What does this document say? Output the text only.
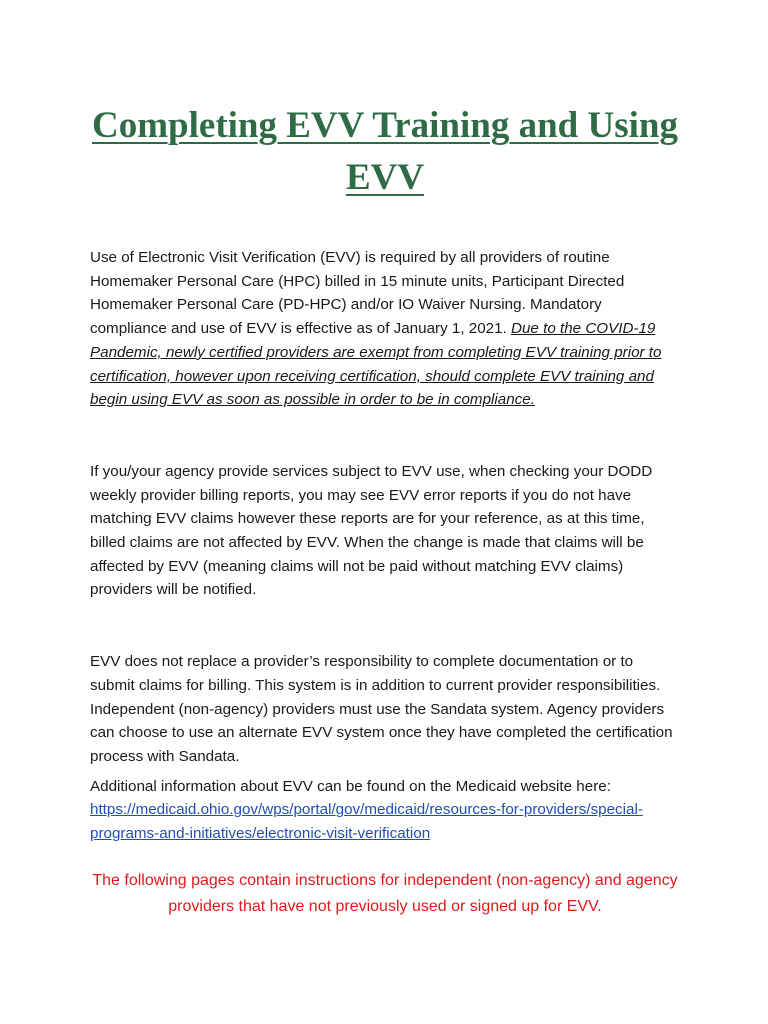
Completing EVV Training and Using EVV

Use of Electronic Visit Verification (EVV) is required by all providers of routine Homemaker Personal Care (HPC) billed in 15 minute units, Participant Directed Homemaker Personal Care (PD-HPC) and/or IO Waiver Nursing. Mandatory compliance and use of EVV is effective as of January 1, 2021. Due to the COVID-19 Pandemic, newly certified providers are exempt from completing EVV training prior to certification, however upon receiving certification, should complete EVV training and begin using EVV as soon as possible in order to be in compliance.

If you/your agency provide services subject to EVV use, when checking your DODD weekly provider billing reports, you may see EVV error reports if you do not have matching EVV claims however these reports are for your reference, as at this time, billed claims are not affected by EVV. When the change is made that claims will be affected by EVV (meaning claims will not be paid without matching EVV claims) providers will be notified.

EVV does not replace a provider’s responsibility to complete documentation or to submit claims for billing. This system is in addition to current provider responsibilities. Independent (non-agency) providers must use the Sandata system. Agency providers can choose to use an alternate EVV system once they have completed the certification process with Sandata.

Additional information about EVV can be found on the Medicaid website here:
https://medicaid.ohio.gov/wps/portal/gov/medicaid/resources-for-providers/special-programs-and-initiatives/electronic-visit-verification

The following pages contain instructions for independent (non-agency) and agency providers that have not previously used or signed up for EVV.
